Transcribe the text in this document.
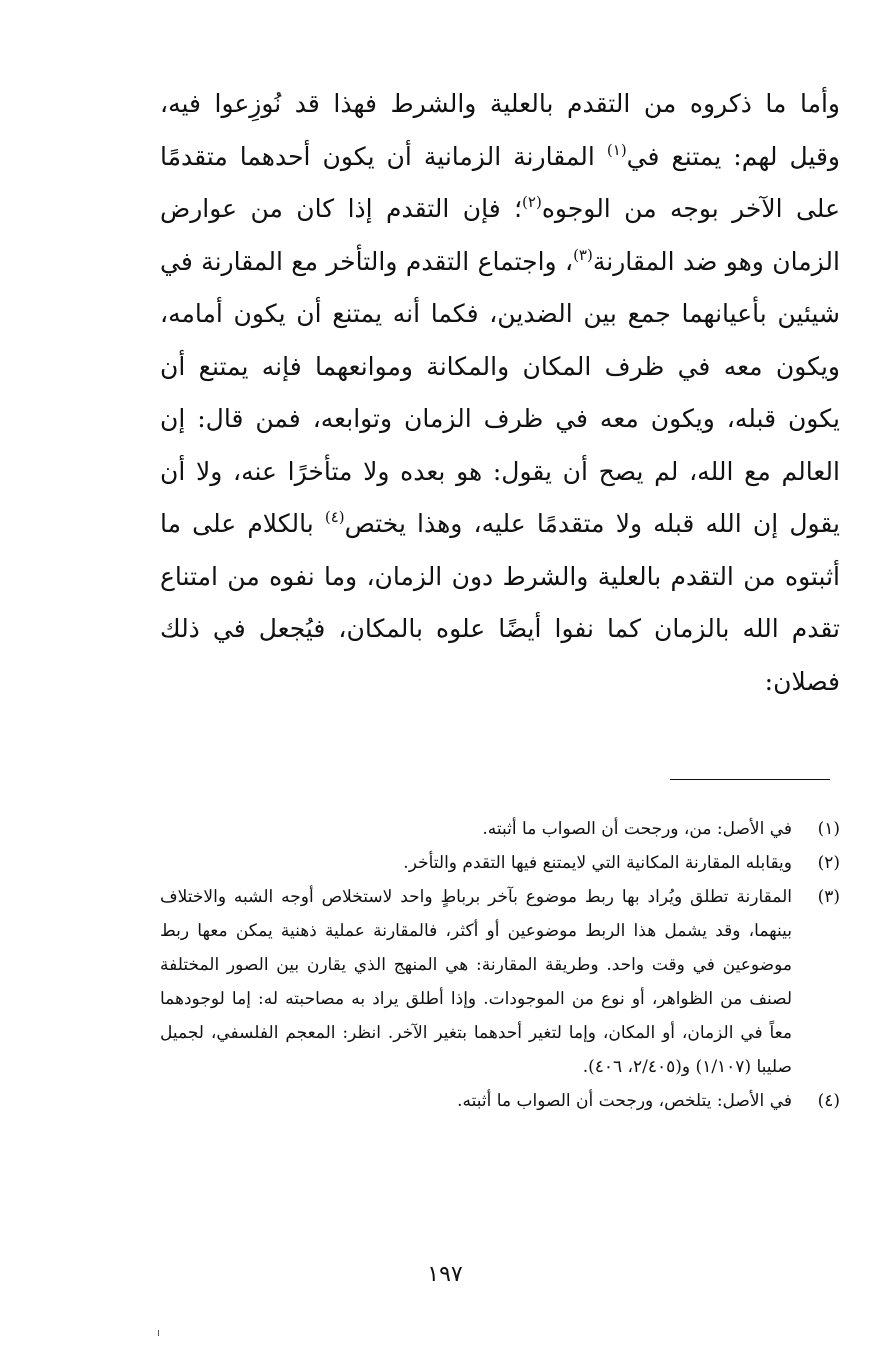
وأما ما ذكروه من التقدم بالعلية والشرط فهذا قد نُوزِعوا فيه، وقيل لهم: يمتنع في$^{(١)}$ المقارنة الزمانية أن يكون أحدهما متقدمًا على الآخر بوجه من الوجوه$^{(٢)}$؛ فإن التقدم إذا كان من عوارض الزمان وهو ضد المقارنة$^{(٣)}$، واجتماع التقدم والتأخر مع المقارنة في شيئين بأعيانهما جمع بين الضدين، فكما أنه يمتنع أن يكون أمامه، ويكون معه في ظرف المكان والمكانة وموانعهما فإنه يمتنع أن يكون قبله، ويكون معه في ظرف الزمان وتوابعه، فمن قال: إن العالم مع الله، لم يصح أن يقول: هو بعده ولا متأخرًا عنه، ولا أن يقول إن الله قبله ولا متقدمًا عليه، وهذا يختص$^{(٤)}$ بالكلام على ما أثبتوه من التقدم بالعلية والشرط دون الزمان، وما نفوه من امتناع تقدم الله بالزمان كما نفوا أيضًا علوه بالمكان، فيُجعل في ذلك فصلان:

(١)
في الأصل: من، ورجحت أن الصواب ما أثبته.
(٢)
ويقابله المقارنة المكانية التي لايمتنع فيها التقدم والتأخر.
(٣)
المقارنة تطلق ويُراد بها ربط موضوع بآخر برباطٍ واحد لاستخلاص أوجه الشبه والاختلاف بينهما، وقد يشمل هذا الربط موضوعين أو أكثر، فالمقارنة عملية ذهنية يمكن معها ربط موضوعين في وقت واحد. وطريقة المقارنة: هي المنهج الذي يقارن بين الصور المختلفة لصنف من الظواهر، أو نوع من الموجودات. وإذا أطلق يراد به مصاحبته له: إما لوجودهما معاً في الزمان، أو المكان، وإما لتغير أحدهما بتغير الآخر. انظر: المعجم الفلسفي، لجميل صليبا (١/١٠٧) و(٢/٤٠٥، ٤٠٦).
(٤)
في الأصل: يتلخص، ورجحت أن الصواب ما أثبته.
١٩٧
